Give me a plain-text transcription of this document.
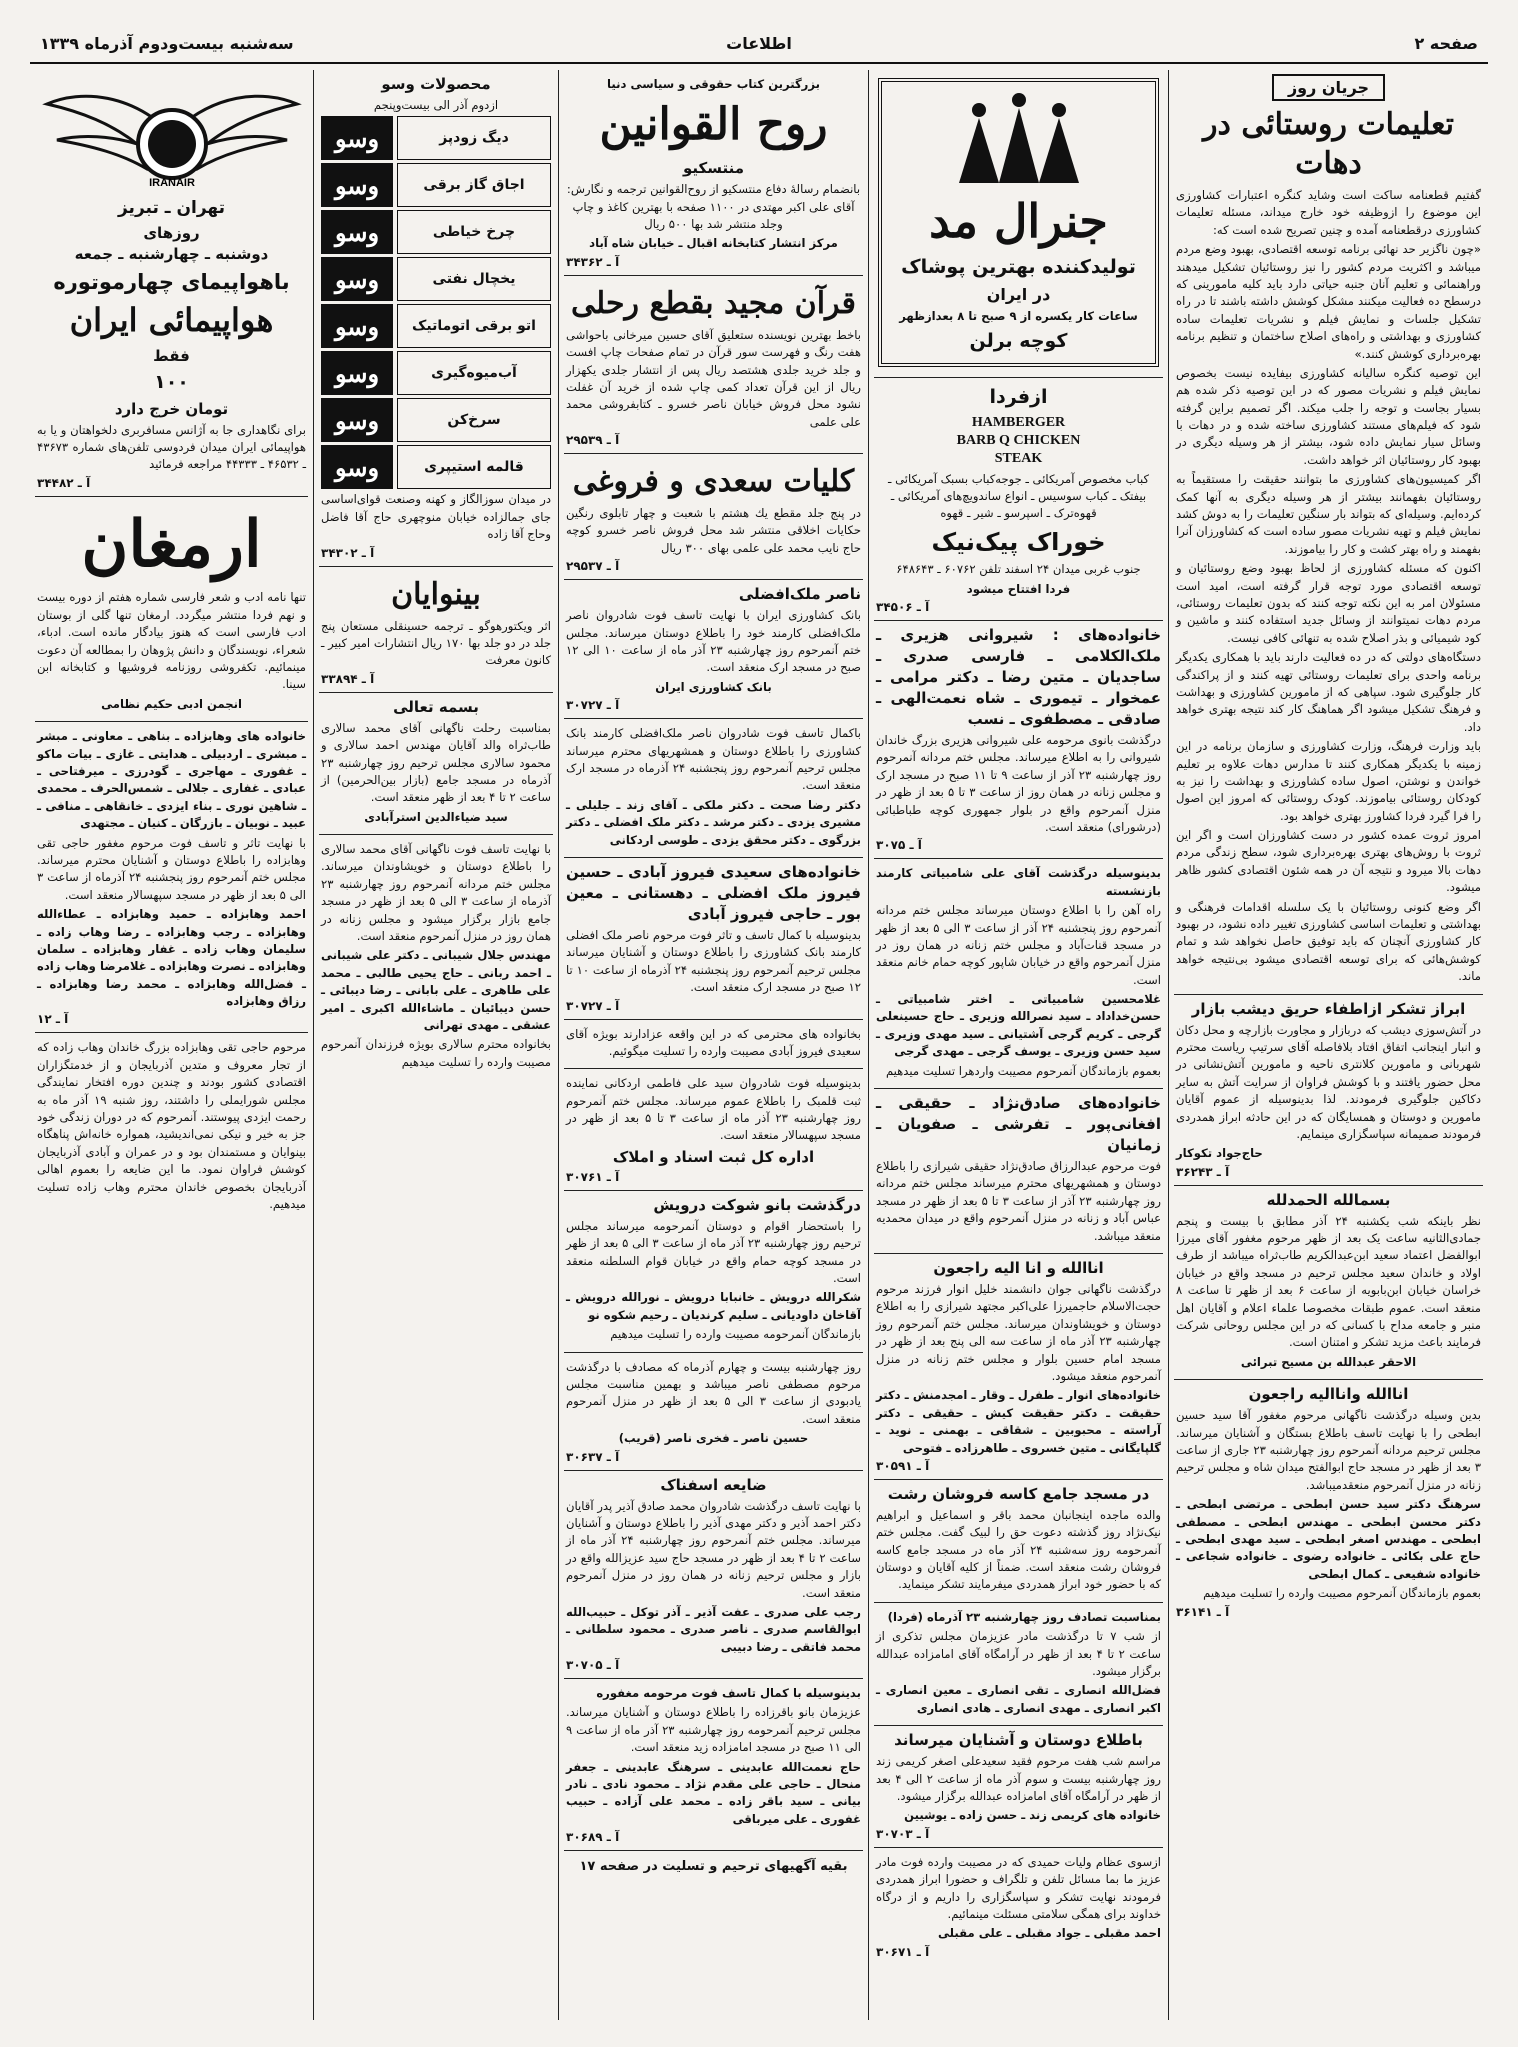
صفحه ۲
اطلاعات
سه‌شنبه بیست‌ودوم آذرماه ۱۳۳۹
جریان روز
تعلیمات روستائی در دهات
گفتیم قطعنامه ساکت است وشاید کنگره اعتبارات کشاورزی این موضوع را ازوظیفه خود خارج میداند، مسئله تعلیمات کشاورزی درقطعنامه آمده و چنین تصریح شده است که:
«چون ناگزیر حد نهائی برنامه توسعه اقتصادی، بهبود وضع مردم میباشد و اکثریت مردم کشور را نیز روستائیان تشکیل میدهند وراهنمائی و تعلیم آنان جنبه حیاتی دارد باید کلیه مامورینی که درسطح ده فعالیت میکنند مشکل کوشش داشته باشند تا در راه تشکیل جلسات و نمایش فیلم و نشریات تعلیمات ساده کشاورزی و بهداشتی و راه‌های اصلاح ساختمان و تنظیم برنامه بهره‌برداری کوشش کنند.»
این توصیه کنگره سالیانه کشاورزی بیفایده نیست بخصوص نمایش فیلم و نشریات مصور که در این توصیه ذکر شده هم بسیار بجاست و توجه را جلب میکند. اگر تصمیم براین گرفته شود که فیلم‌های مستند کشاورزی ساخته شده و در دهات با وسائل سیار نمایش داده شود، بیشتر از هر وسیله دیگری در بهبود کار روستائیان اثر خواهد داشت.
اگر کمیسیون‌های کشاورزی ما بتوانند حقیقت را مستقیماً به روستائیان بفهمانند بیشتر از هر وسیله دیگری به آنها کمک کرده‌ایم. وسیله‌ای که بتواند بار سنگین تعلیمات را به دوش کشد نمایش فیلم و تهیه نشریات مصور ساده است که کشاورزان آنرا بفهمند و راه بهتر کشت و کار را بیاموزند.
اکنون که مسئله کشاورزی از لحاظ بهبود وضع روستائیان و توسعه اقتصادی مورد توجه قرار گرفته است، امید است مسئولان امر به این نکته توجه کنند که بدون تعلیمات روستائی، مردم دهات نمیتوانند از وسائل جدید استفاده کنند و ماشین و کود شیمیائی و بذر اصلاح شده به تنهائی کافی نیست.
دستگاه‌های دولتی که در ده فعالیت دارند باید با همکاری یکدیگر برنامه واحدی برای تعلیمات روستائی تهیه کنند و از پراکندگی کار جلوگیری شود. سپاهی که از مامورین کشاورزی و بهداشت و فرهنگ تشکیل میشود اگر هماهنگ کار کند نتیجه بهتری خواهد داد.
باید وزارت فرهنگ، وزارت کشاورزی و سازمان برنامه در این زمینه با یکدیگر همکاری کنند تا مدارس دهات علاوه بر تعلیم خواندن و نوشتن، اصول ساده کشاورزی و بهداشت را نیز به کودکان روستائی بیاموزند. کودک روستائی که امروز این اصول را فرا گیرد فردا کشاورز بهتری خواهد بود.
امروز ثروت عمده کشور در دست کشاورزان است و اگر این ثروت با روش‌های بهتری بهره‌برداری شود، سطح زندگی مردم دهات بالا میرود و نتیجه آن در همه شئون اقتصادی کشور ظاهر میشود.
اگر وضع کنونی روستائیان با یک سلسله اقدامات فرهنگی و بهداشتی و تعلیمات اساسی کشاورزی تغییر داده نشود، در بهبود کار کشاورزی آنچنان که باید توفیق حاصل نخواهد شد و تمام کوشش‌هائی که برای توسعه اقتصادی میشود بی‌نتیجه خواهد ماند.
ابراز تشکر ازاطفاء حریق دیشب بازار
در آتش‌سوزی دیشب که دربازار و مجاورت بازارچه و محل دکان و انبار اینجانب اتفاق افتاد بلافاصله آقای سرتیپ ریاست محترم شهربانی و مامورین کلانتری ناحیه و مامورین آتش‌نشانی در محل حضور یافتند و با کوشش فراوان از سرایت آتش به سایر دکاکین جلوگیری فرمودند. لذا بدینوسیله از عموم آقایان مامورین و دوستان و همسایگان که در این حادثه ابراز همدردی فرمودند صمیمانه سپاسگزاری مینمایم.
حاج‌جواد تکوکار
آ ـ ۳۶۲۴۳
بسمالله الحمدلله
نظر باینکه شب یکشنبه ۲۴ آذر مطابق با بیست و پنجم جمادی‌الثانیه ساعت یک بعد از ظهر مرحوم مغفور آقای میرزا ابوالفضل اعتماد سعید ابن‌عبدالکریم طاب‌ثراه میباشد از طرف اولاد و خاندان سعید مجلس ترحیم در مسجد واقع در خیابان خراسان خیابان ابن‌بابویه از ساعت ۶ بعد از ظهر تا ساعت ۸ منعقد است. عموم طبقات مخصوصا علماء اعلام و آقایان اهل منبر و جامعه مداح با کسانی که در این مجلس روحانی شرکت فرمایند باعث مزید تشکر و امتنان است.
الاحقر عبدالله بن مسیح تبرائی
اناالله واناالیه راجعون
بدین وسیله درگذشت ناگهانی مرحوم مغفور آقا سید حسین ابطحی را با نهایت تاسف باطلاع بستگان و آشنایان میرساند. مجلس ترحیم مردانه آنمرحوم روز چهارشنبه ۲۳ جاری از ساعت ۳ بعد از ظهر در مسجد حاج ابوالفتح میدان شاه و مجلس ترحیم زنانه در منزل آنمرحوم منعقدمیباشد.
سرهنگ دکتر سید حسن ابطحی ـ مرتضی ابطحی ـ دکتر محسن ابطحی ـ مهندس ابطحی ـ مصطفی ابطحی ـ مهندس اصغر ابطحی ـ سید مهدی ابطحی ـ حاج علی بکائی ـ خانواده رضوی ـ خانواده شجاعی ـ خانواده شفیعی ـ کمال ابطحی
بعموم بازماندگان آنمرحوم مصیبت وارده را تسلیت میدهیم
آ ـ ۳۶۱۴۱
جنرال مد
تولیدکننده بهترین پوشاک
در ایران
ساعات کار یکسره از ۹ صبح تا ۸ بعدازظهر
کوچه برلن
ازفردا
HAMBERGER
BARB Q CHICKEN
STEAK
کباب مخصوص آمریکائی ـ جوجه‌کباب بسبک آمریکائی ـ بیفتک ـ کباب سوسیس ـ انواع ساندویچ‌های آمریکائی ـ قهوه‌ترک ـ اسپرسو ـ شیر ـ قهوه
خوراک پیک‌نیک
جنوب غربی میدان ۲۴ اسفند تلفن ۶۰۷۶۲ ـ ۶۴۸۶۴۳
فردا افتتاح میشود
آ ـ ۳۴۵۰۶
خانواده‌های : شیروانی هزیری ـ ملک‌الکلامی ـ فارسی صدری ـ ساجدیان ـ متین رضا ـ دکتر مرامی ـ عمخوار ـ تیموری ـ شاه نعمت‌الهی ـ صادقی ـ مصطفوی ـ نسب
درگذشت بانوی مرحومه علی شیروانی هزیری بزرگ خاندان شیروانی را به اطلاع میرساند. مجلس ختم مردانه آنمرحوم روز چهارشنبه ۲۳ آذر از ساعت ۹ تا ۱۱ صبح در مسجد ارک و مجلس زنانه در همان روز از ساعت ۳ تا ۵ بعد از ظهر در منزل آنمرحوم واقع در بلوار جمهوری کوچه طباطبائی (درشورای) منعقد است.
آ ـ ۳۰۷۵
بدینوسیله درگذشت آقای علی شامبیاتی کارمند بازنشسته
راه آهن را با اطلاع دوستان میرساند مجلس ختم مردانه آنمرحوم روز پنجشنبه ۲۴ آذر از ساعت ۳ الی ۵ بعد از ظهر در مسجد قنات‌آباد و مجلس ختم زنانه در همان روز در منزل آنمرحوم واقع در خیابان شاپور کوچه حمام خانم منعقد است.
غلامحسین شامبیاتی ـ اختر شامبیاتی ـ حسن‌خداداد ـ سید نصرالله وزیری ـ حاج حسینعلی گرجی ـ کریم گرجی آشتیانی ـ سید مهدی وزیری ـ سید حسن وزیری ـ یوسف گرجی ـ مهدی گرجی
بعموم بازماندگان آنمرحوم مصیبت واردهرا تسلیت میدهیم
خانواده‌های صادق‌نژاد ـ حقیقی ـ افغانی‌پور ـ تفرشی ـ صفویان ـ زمانیان
فوت مرحوم عبدالرزاق صادق‌نژاد حقیقی شیرازی را باطلاع دوستان و همشهریهای محترم میرساند مجلس ختم مردانه روز چهارشنبه ۲۳ آذر از ساعت ۳ تا ۵ بعد از ظهر در مسجد عباس آباد و زنانه در منزل آنمرحوم واقع در میدان محمدیه منعقد میباشد.
اناالله و انا الیه راجعون
درگذشت ناگهانی جوان دانشمند خلیل انوار فرزند مرحوم حجت‌الاسلام حاجمیرزا علی‌اکبر مجتهد شیرازی را به اطلاع دوستان و خویشاوندان میرساند. مجلس ختم آنمرحوم روز چهارشنبه ۲۳ آذر ماه از ساعت سه الی پنج بعد از ظهر در مسجد امام حسین بلوار و مجلس ختم زنانه در منزل آنمرحوم منعقد میشود.
خانواده‌های انوار ـ طفرل ـ وقار ـ امجدمنش ـ دکتر حقیقت ـ دکتر حقیقت کیش ـ حقیقی ـ دکتر آراسته ـ محبوبین ـ شقاقی ـ بهمنی ـ نوید ـ گلپایگانی ـ متین خسروی ـ طاهرزاده ـ فتوحی
آ ـ ۳۰۵۹۱
در مسجد جامع کاسه فروشان رشت
والده ماجده اینجانبان محمد باقر و اسماعیل و ابراهیم نیک‌نژاد روز گذشته دعوت حق را لبیک گفت. مجلس ختم آنمرحومه روز سه‌شنبه ۲۴ آذر ماه در مسجد جامع کاسه فروشان رشت منعقد است. ضمناً از کلیه آقایان و دوستان که با حضور خود ابراز همدردی میفرمایند تشکر مینماید.
بمناسبت تصادف روز چهارشنبه ۲۳ آذرماه (فردا)
از شب ۷ تا درگذشت مادر عزیزمان مجلس تذکری از ساعت ۲ تا ۴ بعد از ظهر در آرامگاه آقای امامزاده عبدالله برگزار میشود.
فضل‌الله انصاری ـ تقی انصاری ـ معین انصاری ـ اکبر انصاری ـ مهدی انصاری ـ هادی انصاری
باطلاع دوستان و آشنایان میرساند
مراسم شب هفت مرحوم فقید سعیدعلی اصغر کریمی زند روز چهارشنبه بیست و سوم آذر ماه از ساعت ۲ الی ۴ بعد از ظهر در آرامگاه آقای امامزاده عبدالله برگزار میشود.
خانواده های کریمی زند ـ حسن زاده ـ یوشیین
آ ـ ۳۰۷۰۳
ازسوی عظام ولیات حمیدی که در مصیبت وارده فوت مادر عزیز ما بما مسائل تلفن و تلگراف و حضورا ابراز همدردی فرمودند نهایت تشکر و سپاسگزاری را داریم و از درگاه خداوند برای همگی سلامتی مسئلت مینمائیم.
احمد مقبلی ـ جواد مقبلی ـ علی مقبلی
آ ـ ۳۰۶۷۱
بزرگترین کتاب حقوقی و سیاسی دنیا
روح القوانین
منتسکیو
بانضمام رسالهٔ دفاع منتسکیو از روح‌القوانین ترجمه و نگارش: آقای علی اکبر مهتدی در ۱۱۰۰ صفحه با بهترین کاغذ و چاپ وجلد منتشر شد بها ۵۰۰ ریال
مرکز انتشار کتابخانه اقبال ـ خیابان شاه آباد
آ ـ ۳۴۳۶۲
قرآن مجید بقطع رحلی
باخط بهترین نویسنده ستعلیق آقای حسین میرخانی باحواشی هفت رنگ و فهرست سور قرآن در تمام صفحات چاپ افست و جلد خرید جلدی هشتصد ریال پس از انتشار جلدی یکهزار ریال از این قرآن تعداد کمی چاپ شده از خرید آن غفلت نشود محل فروش خیابان ناصر خسرو ـ کتابفروشی محمد علی علمی
آ ـ ۲۹۵۳۹
کلیات سعدی و فروغی
در پنج جلد مقطع یك هشتم با شعبت و چهار تابلوی رنگین حکایات اخلاقی منتشر شد محل فروش ناصر خسرو کوچه حاج نایب محمد علی علمی بهای ۳۰۰ ریال
آ ـ ۲۹۵۳۷
ناصر ملک‌افضلی
بانک کشاورزی ایران با نهایت تاسف فوت شادروان ناصر ملک‌افضلی کارمند خود را باطلاع دوستان میرساند. مجلس ختم آنمرحوم روز چهارشنبه ۲۳ آذر ماه از ساعت ۱۰ الی ۱۲ صبح در مسجد ارک منعقد است.
بانک کشاورزی ایران
آ ـ ۳۰۷۲۷
باکمال تاسف فوت شادروان ناصر ملک‌افضلی کارمند بانک کشاورزی را باطلاع دوستان و همشهریهای محترم میرساند مجلس ترحیم آنمرحوم روز پنجشنبه ۲۴ آذرماه در مسجد ارک منعقد است.
دکتر رضا صحت ـ دکتر ملکی ـ آقای زند ـ جلیلی ـ مشیری یزدی ـ دکتر مرشد ـ دکتر ملک افضلی ـ دکتر بزرگوی ـ دکتر محقق یزدی ـ طوسی اردکانی
خانواده‌های سعیدی فیروز آبادی ـ حسین فیروز ملک افضلی ـ دهستانی ـ معین بور ـ حاجی فیروز آبادی
بدینوسیله با کمال تاسف و تاثر فوت مرحوم ناصر ملک افضلی کارمند بانک کشاورزی را باطلاع دوستان و آشنایان میرساند مجلس ترحیم آنمرحوم روز پنجشنبه ۲۴ آذرماه از ساعت ۱۰ تا ۱۲ صبح در مسجد ارک منعقد است.
آ ـ ۳۰۷۲۷
بخانواده های محترمی که در این واقعه عزادارند بویژه آقای سعیدی فیروز آبادی مصیبت وارده را تسلیت میگوئیم.
بدینوسیله فوت شادروان سید علی فاطمی اردکانی نماینده ثبت قلمبک را باطلاع عموم میرساند. مجلس ختم آنمرحوم روز چهارشنبه ۲۳ آذر ماه از ساعت ۳ تا ۵ بعد از ظهر در مسجد سپهسالار منعقد است.
اداره کل ثبت اسناد و املاک
آ ـ ۳۰۷۶۱
درگذشت بانو شوکت درویش
را باستحضار اقوام و دوستان آنمرحومه میرساند مجلس ترحیم روز چهارشنبه ۲۳ آذر ماه از ساعت ۳ الی ۵ بعد از ظهر در مسجد کوچه حمام واقع در خیابان قوام السلطنه منعقد است.
شکرالله درویش ـ خانبابا درویش ـ نورالله درویش ـ آقاخان داودیانی ـ سلیم کرندیان ـ رحیم شکوه نو
بازماندگان آنمرحومه مصیبت وارده را تسلیت میدهیم
روز چهارشنبه بیست و چهارم آذرماه که مصادف با درگذشت مرحوم مصطفی ناصر میباشد و بهمین مناسبت مجلس یادبودی از ساعت ۳ الی ۵ بعد از ظهر در منزل آنمرحوم منعقد است.
حسین ناصر ـ فخری ناصر (قریب)
آ ـ ۳۰۶۳۷
ضایعه اسفناک
با نهایت تاسف درگذشت شادروان محمد صادق آذیر پدر آقایان دکتر احمد آذیر و دکتر مهدی آذیر را باطلاع دوستان و آشنایان میرساند. مجلس ختم آنمرحوم روز چهارشنبه ۲۴ آذر ماه از ساعت ۲ تا ۴ بعد از ظهر در مسجد حاج سید عزیزالله واقع در بازار و مجلس ترحیم زنانه در همان روز در منزل آنمرحوم منعقد است.
رجب علی صدری ـ عفت آذیر ـ آذر توکل ـ حبیب‌الله ابوالقاسم صدری ـ ناصر صدری ـ محمود سلطانی ـ محمد فاتقی ـ رضا دبیبی
آ ـ ۳۰۷۰۵
بدینوسیله با کمال تاسف فوت مرحومه مغفوره
عزیزمان بانو باقرزاده را باطلاع دوستان و آشنایان میرساند. مجلس ترحیم آنمرحومه روز چهارشنبه ۲۳ آذر ماه از ساعت ۹ الی ۱۱ صبح در مسجد امامزاده زید منعقد است.
حاج نعمت‌الله عابدینی ـ سرهنگ عابدینی ـ جعفر منحال ـ حاجی علی مقدم نژاد ـ محمود نادی ـ نادر بیانی ـ سید باقر زاده ـ محمد علی آزاده ـ حبیب غفوری ـ علی میرباقی
آ ـ ۳۰۶۸۹
بقیه آگهیهای ترحیم و تسلیت در صفحه ۱۷
محصولات وسو
ازدوم آذر الی بیست‌وپنجم
وسو	دیگ زودپز
وسو	اجاق گاز برقی
وسو	چرخ خیاطی
وسو	یخچال نفتی
وسو	اتو برقی اتوماتیک
وسو	آب‌میوه‌گیری
وسو	سرخ‌کن
وسو	قالمه استیپری
در میدان سوزالگاز و کهنه وصنعت قوای‌اساسی جای جمالزاده خیابان منوچهری حاج آقا فاضل وحاج آقا زاده
آ ـ ۳۴۳۰۲
بینوایان
اثر ویکتورهوگو ـ ترجمه حسینقلی مستعان پنج جلد در دو جلد بها ۱۷۰ ریال انتشارات امیر کبیر ـ کانون معرفت
آ ـ ۳۳۸۹۴
بسمه تعالی
بمناسبت رحلت ناگهانی آقای محمد سالاری طاب‌ثراه والد آقایان مهندس احمد سالاری و محمود سالاری مجلس ترحیم روز چهارشنبه ۲۳ آذرماه در مسجد جامع (بازار بین‌الحرمین) از ساعت ۲ تا ۴ بعد از ظهر منعقد است.
سید ضیاءالدین استرآبادی
با نهایت تاسف فوت ناگهانی آقای محمد سالاری را باطلاع دوستان و خویشاوندان میرساند. مجلس ختم مردانه آنمرحوم روز چهارشنبه ۲۳ آذرماه از ساعت ۳ الی ۵ بعد از ظهر در مسجد جامع بازار برگزار میشود و مجلس زنانه در همان روز در منزل آنمرحوم منعقد است.
مهندس جلال شیبانی ـ دکتر علی شیبانی ـ احمد ربانی ـ حاج یحیی طالبی ـ محمد علی طاهری ـ علی بابانی ـ رضا دیبائی ـ حسن دیبائیان ـ ماشاءالله اکبری ـ امیر عشقی ـ مهدی تهرانی
بخانواده محترم سالاری بویژه فرزندان آنمرحوم مصیبت وارده را تسلیت میدهیم
IRANAIR
تهران ـ تبریز
روزهای
دوشنبه ـ چهارشنبه ـ جمعه
باهواپیمای چهارموتوره
هواپیمائی ایران
فقط
۱۰۰
تومان خرج دارد
برای نگاهداری جا به آژانس مسافربری دلخواهتان و یا به هواپیمائی ایران میدان فردوسی تلفن‌های شماره ۴۳۶۷۳ ـ ۴۶۵۳۲ ـ ۴۴۳۳۳ مراجعه فرمائید
آ ـ ۳۴۴۸۲
ارمغان
تنها نامه ادب و شعر فارسی شماره هفتم از دوره بیست و نهم فردا منتشر میگردد. ارمغان تنها گلی از بوستان ادب فارسی است که هنوز بیادگار مانده است. ادباء، شعراء، نویسندگان و دانش پژوهان را بمطالعه آن دعوت مینمائیم. تکفروشی روزنامه فروشیها و کتابخانه ابن سینا.
انجمن ادبی حکیم نظامی
خانواده های وهابزاده ـ بناهی ـ معاونی ـ مبشر ـ مبشری ـ اردبیلی ـ هدایتی ـ غازی ـ بیات ماکو ـ غفوری ـ مهاجری ـ گودرزی ـ میرفتاحی ـ عبادی ـ غفاری ـ جلالی ـ شمس‌الحرف ـ محمدی ـ شاهین نوری ـ بناء ایزدی ـ خانقاهی ـ منافی ـ عبید ـ نوبیان ـ بازرگان ـ کنیان ـ مجتهدی
با نهایت تاثر و تاسف فوت مرحوم مغفور حاجی تقی وهابزاده را باطلاع دوستان و آشنایان محترم میرساند. مجلس ختم آنمرحوم روز پنجشنبه ۲۴ آذرماه از ساعت ۳ الی ۵ بعد از ظهر در مسجد سپهسالار منعقد است.
احمد وهابزاده ـ حمید وهابزاده ـ عطاءالله وهابزاده ـ رجب وهابزاده ـ رضا وهاب زاده ـ سلیمان وهاب زاده ـ غفار وهابزاده ـ سلمان وهابزاده ـ نصرت وهابزاده ـ غلامرضا وهاب زاده ـ فضل‌الله وهابزاده ـ محمد رضا وهابزاده ـ رزاق وهابزاده
آ ـ ۱۲
مرحوم حاجی تقی وهابزاده بزرگ خاندان وهاب زاده که از تجار معروف و متدین آذربایجان و از خدمتگزاران اقتصادی کشور بودند و چندین دوره افتخار نمایندگی مجلس شورایملی را داشتند، روز شنبه ۱۹ آذر ماه به رحمت ایزدی پیوستند. آنمرحوم که در دوران زندگی خود جز به خیر و نیکی نمی‌اندیشید، همواره خانه‌اش پناهگاه بینوایان و مستمندان بود و در عمران و آبادی آذربایجان کوشش فراوان نمود. ما این ضایعه را بعموم اهالی آذربایجان بخصوص خاندان محترم وهاب زاده تسلیت میدهیم.
